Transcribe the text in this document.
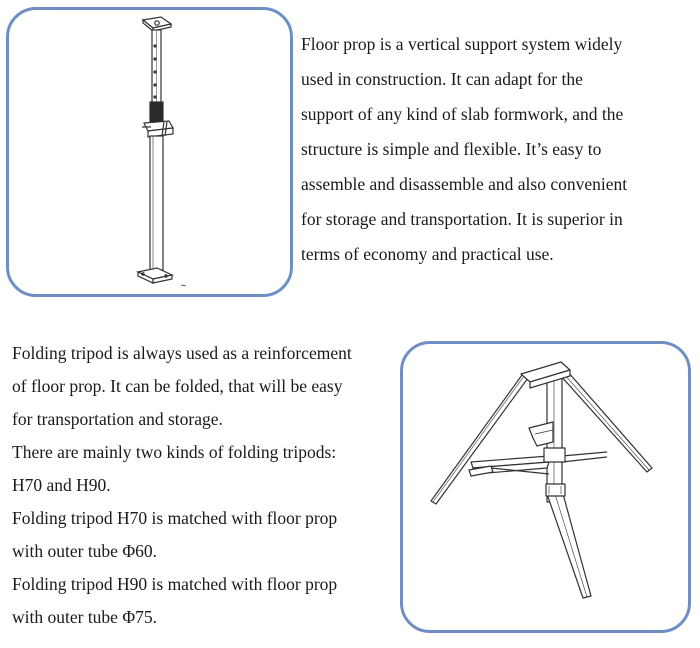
Floor prop is a vertical support system widely
used in construction. It can adapt for the
support of any kind of slab formwork, and the
structure is simple and flexible. It’s easy to
assemble and disassemble and also convenient
for storage and transportation. It is superior in
terms of economy and practical use.
Folding tripod is always used as a reinforcement
of floor prop. It can be folded, that will be easy
for transportation and storage.
There are mainly two kinds of folding tripods:
H70 and H90.
Folding tripod H70 is matched with floor prop
with outer tube Φ60.
Folding tripod H90 is matched with floor prop
with outer tube Φ75.
